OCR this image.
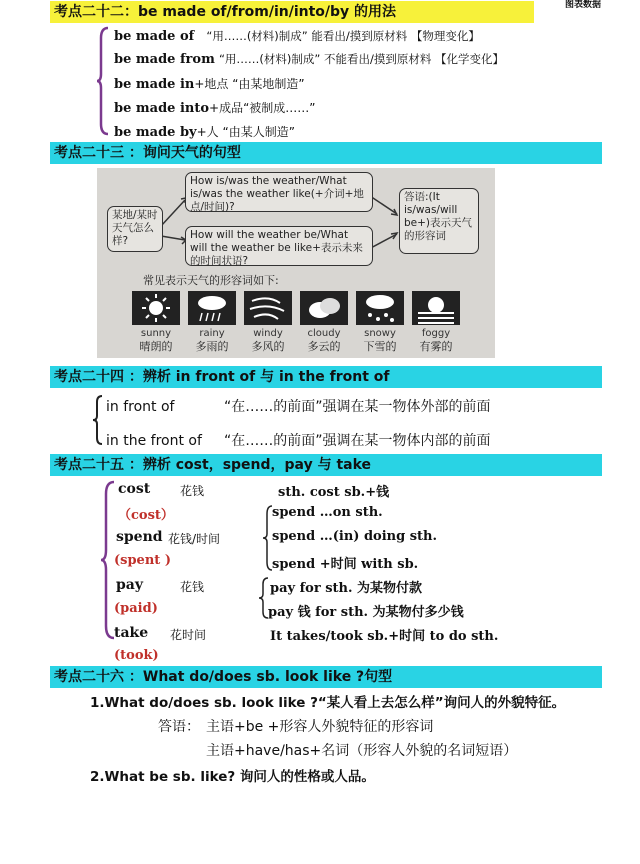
图表数据
考点二十二：be made of/from/in/into/by 的用法
be made of “用……(材料)制成” 能看出/摸到原材料 【物理变化】
be made from “用……(材料)制成” 不能看出/摸到原材料 【化学变化】
be made in+地点 “由某地制造”
be made into+成品“被制成……”
be made by+人 “由某人制造”
考点二十三 ：询问天气的句型
某地/某时天气怎么样?
How is/was the weather/What is/was the weather like(+介词+地点/时间)?
How will the weather be/What will the weather be like+表示未来的时间状语?
答语:(It is/was/will be+)表示天气的形容词
常见表示天气的形容词如下:
sunny	rainy	windy	cloudy	snowy	foggy
晴朗的	多雨的	多风的	多云的	下雪的	有雾的
考点二十四 ：辨析 in front of 与 in the front of
in front of	“在……的前面”强调在某一物体外部的前面
in the front of “在……的前面”强调在某一物体内部的前面
考点二十五 ：辨析 cost，spend，pay 与 take
cost 花钱	sth. cost sb.+钱
（cost）
spend 花钱/时间
spend …on sth.
spend …(in) doing sth.
spend +时间 with sb.
(spent )
pay	花钱	pay for sth. 为某物付款
pay 钱 for sth. 为某物付多少钱
(paid)
take 花时间	It takes/took sb.+时间 to do sth.
(took)
考点二十六 ：What do/does sb. look like ?句型
1.What do/does sb. look like ?“某人看上去怎么样”询问人的外貌特征。
答语： 主语+be +形容人外貌特征的形容词
主语+have/has+名词（形容人外貌的名词短语）
2.What be sb. like? 询问人的性格或人品。
